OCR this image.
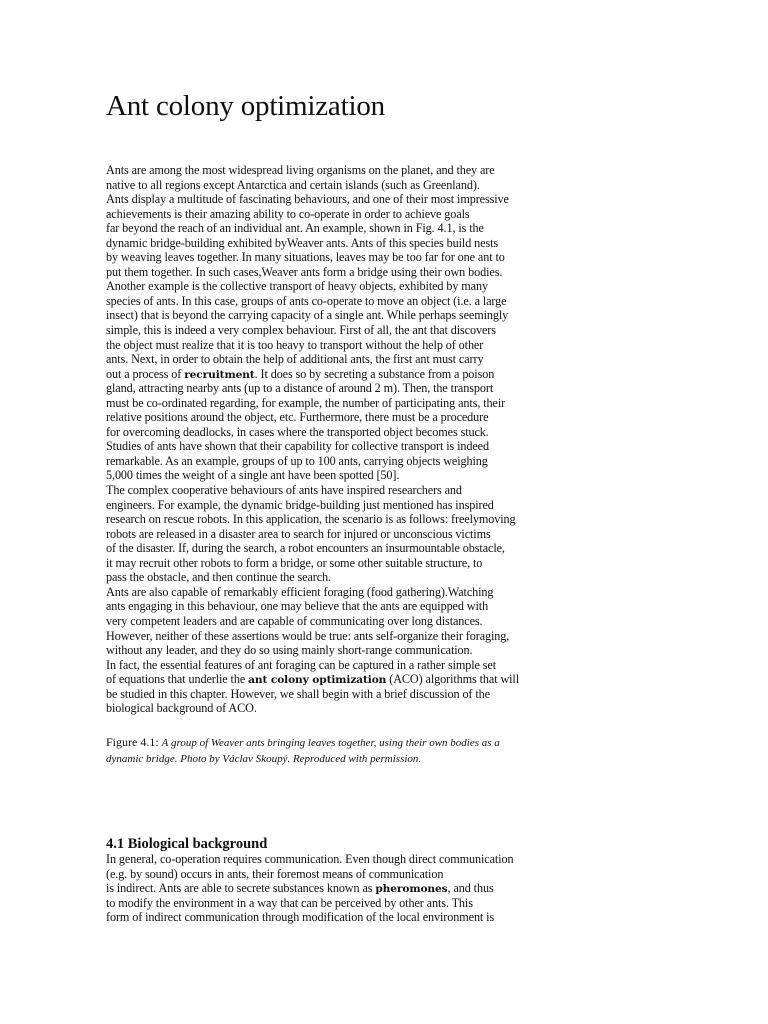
Ant colony optimization
Ants are among the most widespread living organisms on the planet, and they are
native to all regions except Antarctica and certain islands (such as Greenland).
Ants display a multitude of fascinating behaviours, and one of their most impressive
achievements is their amazing ability to co-operate in order to achieve goals
far beyond the reach of an individual ant. An example, shown in Fig. 4.1, is the
dynamic bridge-building exhibited byWeaver ants. Ants of this species build nests
by weaving leaves together. In many situations, leaves may be too far for one ant to
put them together. In such cases,Weaver ants form a bridge using their own bodies.
Another example is the collective transport of heavy objects, exhibited by many
species of ants. In this case, groups of ants co-operate to move an object (i.e. a large
insect) that is beyond the carrying capacity of a single ant. While perhaps seemingly
simple, this is indeed a very complex behaviour. First of all, the ant that discovers
the object must realize that it is too heavy to transport without the help of other
ants. Next, in order to obtain the help of additional ants, the first ant must carry
out a process of recruitment. It does so by secreting a substance from a poison
gland, attracting nearby ants (up to a distance of around 2 m). Then, the transport
must be co-ordinated regarding, for example, the number of participating ants, their
relative positions around the object, etc. Furthermore, there must be a procedure
for overcoming deadlocks, in cases where the transported object becomes stuck.
Studies of ants have shown that their capability for collective transport is indeed
remarkable. As an example, groups of up to 100 ants, carrying objects weighing
5,000 times the weight of a single ant have been spotted [50].
The complex cooperative behaviours of ants have inspired researchers and
engineers. For example, the dynamic bridge-building just mentioned has inspired
research on rescue robots. In this application, the scenario is as follows: freelymoving
robots are released in a disaster area to search for injured or unconscious victims
of the disaster. If, during the search, a robot encounters an insurmountable obstacle,
it may recruit other robots to form a bridge, or some other suitable structure, to
pass the obstacle, and then continue the search.
Ants are also capable of remarkably efficient foraging (food gathering).Watching
ants engaging in this behaviour, one may believe that the ants are equipped with
very competent leaders and are capable of communicating over long distances.
However, neither of these assertions would be true: ants self-organize their foraging,
without any leader, and they do so using mainly short-range communication.
In fact, the essential features of ant foraging can be captured in a rather simple set
of equations that underlie the ant colony optimization (ACO) algorithms that will
be studied in this chapter. However, we shall begin with a brief discussion of the
biological background of ACO.
Figure 4.1: A group of Weaver ants bringing leaves together, using their own bodies as a
dynamic bridge. Photo by Václav Skoupý. Reproduced with permission.
4.1 Biological background
In general, co-operation requires communication. Even though direct communication
(e.g. by sound) occurs in ants, their foremost means of communication
is indirect. Ants are able to secrete substances known as pheromones, and thus
to modify the environment in a way that can be perceived by other ants. This
form of indirect communication through modification of the local environment is
